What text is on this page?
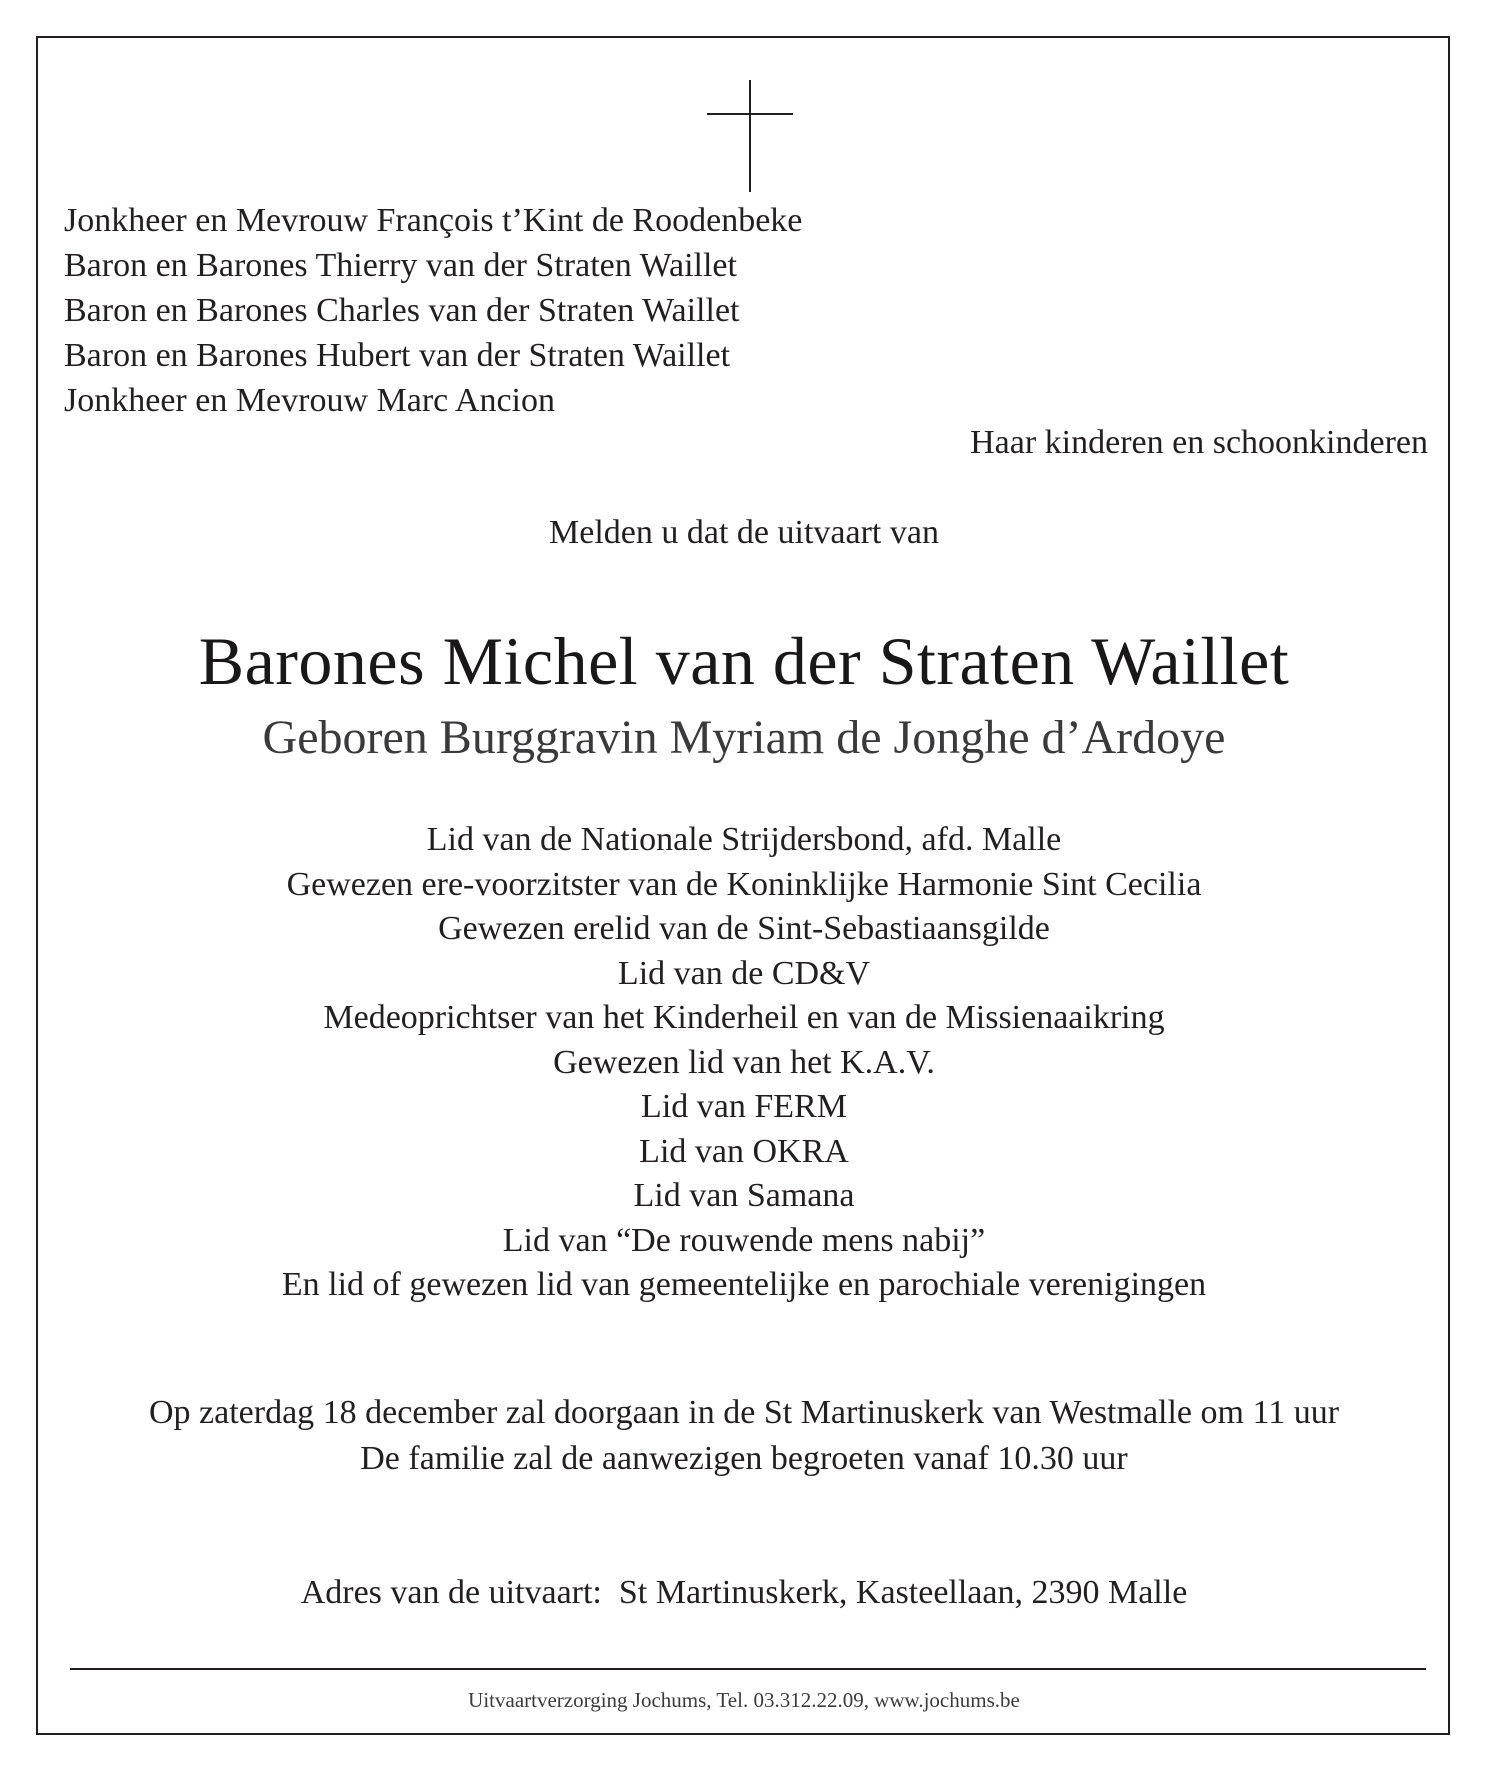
Jonkheer en Mevrouw François t’Kint de Roodenbeke
Baron en Barones Thierry van der Straten Waillet
Baron en Barones Charles van der Straten Waillet
Baron en Barones Hubert van der Straten Waillet
Jonkheer en Mevrouw Marc Ancion
Haar kinderen en schoonkinderen
Melden u dat de uitvaart van
Barones Michel van der Straten Waillet
Geboren Burggravin Myriam de Jonghe d’Ardoye
Lid van de Nationale Strijdersbond, afd. Malle
Gewezen ere-voorzitster van de Koninklijke Harmonie Sint Cecilia
Gewezen erelid van de Sint-Sebastiaansgilde
Lid van de CD&V
Medeoprichtser van het Kinderheil en van de Missienaaikring
Gewezen lid van het K.A.V.
Lid van FERM
Lid van OKRA
Lid van Samana
Lid van “De rouwende mens nabij”
En lid of gewezen lid van gemeentelijke en parochiale verenigingen
Op zaterdag 18 december zal doorgaan in de St Martinuskerk van Westmalle om 11 uur
De familie zal de aanwezigen begroeten vanaf 10.30 uur
Adres van de uitvaart:  St Martinuskerk, Kasteellaan, 2390 Malle
Uitvaartverzorging Jochums, Tel. 03.312.22.09, www.jochums.be
